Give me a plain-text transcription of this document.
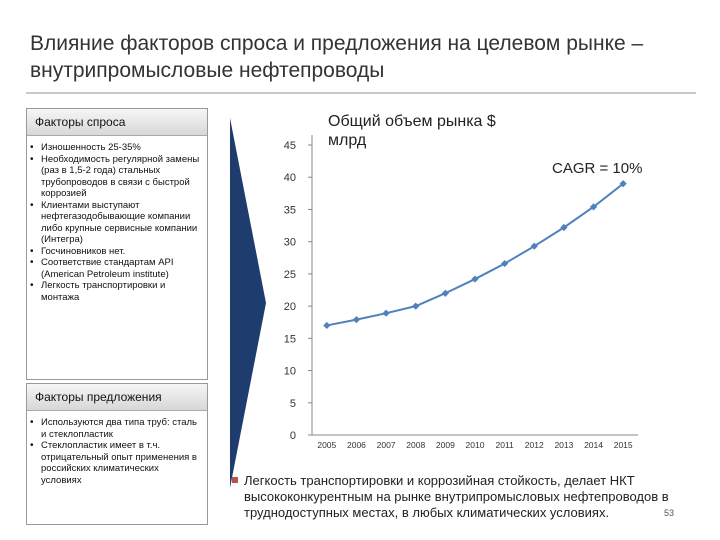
Влияние факторов спроса и предложения на целевом рынке – внутрипромысловые нефтепроводы
Факторы спроса
• Изношенность 25-35%
• Необходимость регулярной замены (раз в 1,5-2 года) стальных трубопроводов в связи с быстрой коррозией
• Клиентами выступают нефтегазодобывающие компании либо крупные сервисные компании (Интегра)
• Госчиновников нет.
• Соответствие стандартам API (American Petroleum institute)
• Легкость транспортировки и монтажа
Факторы предложения
• Используются два типа труб: сталь и стеклопластик
• Стеклопластик имеет в т.ч. отрицательный опыт применения в российских климатических условиях
0
5
10
15
20
25
30
35
40
45
2005 2006 2007 2008 2009 2010 2011 2012 2013 2014 2015
Общий объем рынка $ млрд
CAGR = 10%
Легкость транспортировки и коррозийная стойкость, делает НКТ высококонкурентным на рынке внутрипромысловых нефтепроводов в труднодоступных местах, в любых климатических условиях.	53
